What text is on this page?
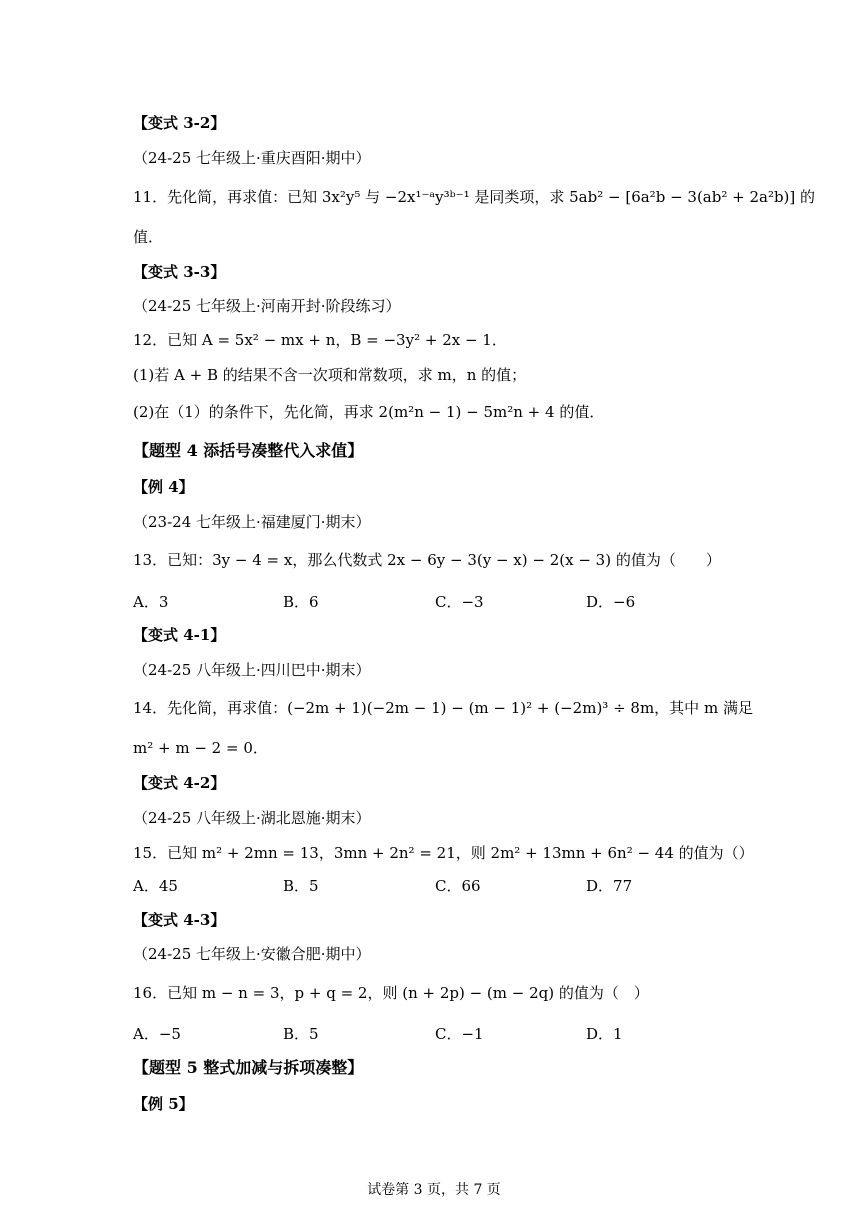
【变式 3-2】
（24-25 七年级上·重庆酉阳·期中）
11．先化简，再求值：已知 3x²y⁵ 与 −2x¹⁻ᵃy³ᵇ⁻¹ 是同类项，求 5ab² − [6a²b − 3(ab² + 2a²b)] 的
值．
【变式 3-3】
（24-25 七年级上·河南开封·阶段练习）
12．已知 A = 5x² − mx + n，B = −3y² + 2x − 1．
(1)若 A + B 的结果不含一次项和常数项，求 m，n 的值；
(2)在（1）的条件下，先化简，再求 2(m²n − 1) − 5m²n + 4 的值．
【题型 4 添括号凑整代入求值】
【例 4】
（23-24 七年级上·福建厦门·期末）
13．已知：3y − 4 = x，那么代数式 2x − 6y − 3(y − x) − 2(x − 3) 的值为（　　）
A．3	B．6	C．−3	D．−6
【变式 4-1】
（24-25 八年级上·四川巴中·期末）
14．先化简，再求值：(−2m + 1)(−2m − 1) − (m − 1)² + (−2m)³ ÷ 8m，其中 m 满足
m² + m − 2 = 0．
【变式 4-2】
（24-25 八年级上·湖北恩施·期末）
15．已知 m² + 2mn = 13，3mn + 2n² = 21，则 2m² + 13mn + 6n² − 44 的值为（）
A．45	B．5	C．66	D．77
【变式 4-3】
（24-25 七年级上·安徽合肥·期中）
16．已知 m − n = 3，p + q = 2，则 (n + 2p) − (m − 2q) 的值为（　）
A．−5	B．5	C．−1	D．1
【题型 5 整式加减与拆项凑整】
【例 5】
试卷第 3 页，共 7 页
